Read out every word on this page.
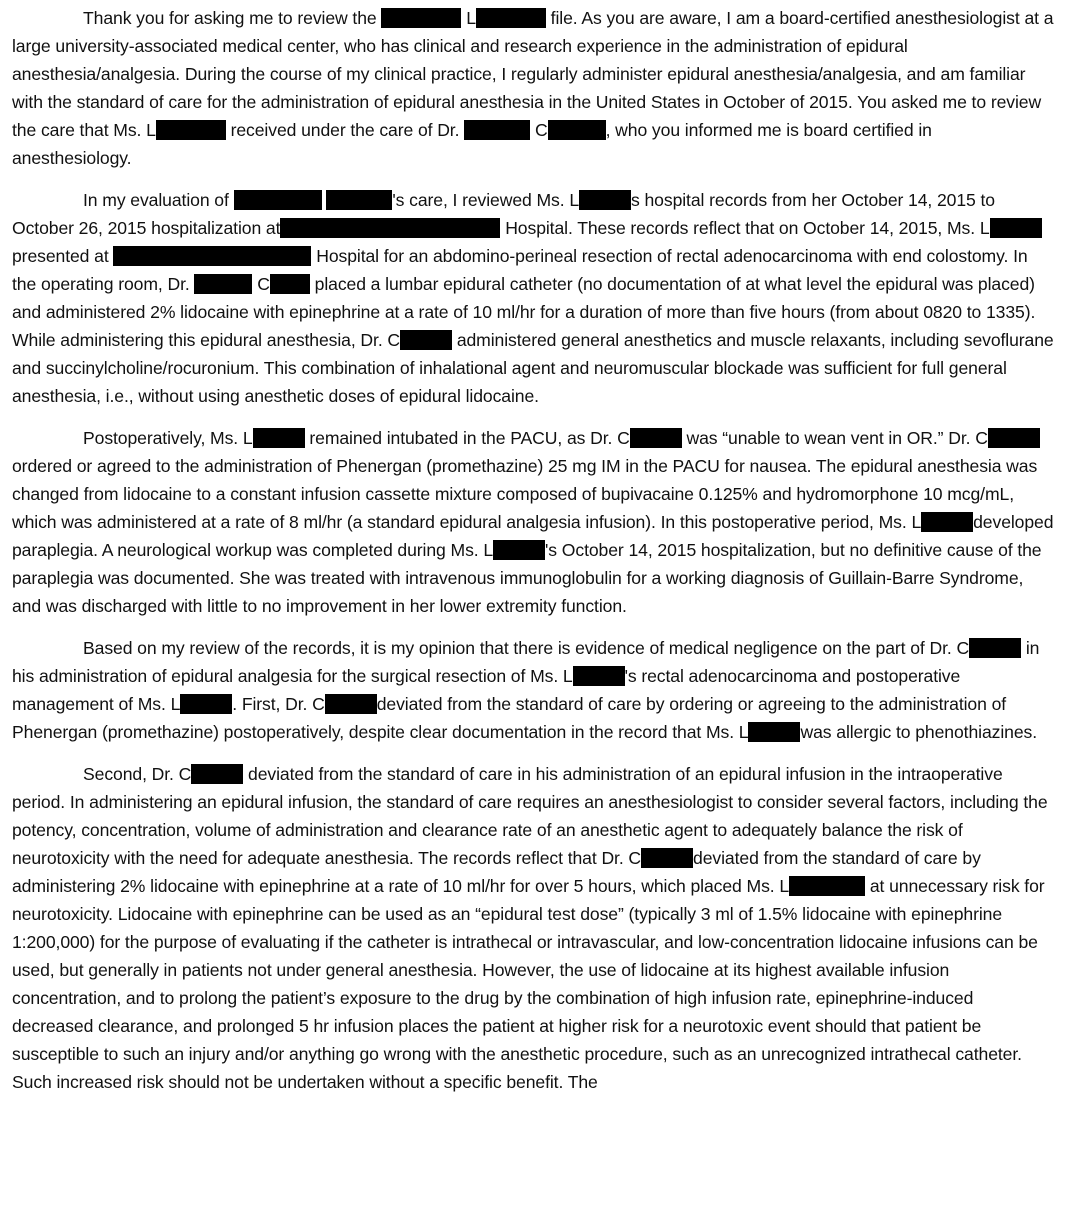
Thank you for asking me to review the	L	file. As you are aware, I am a board-certified anesthesiologist at a large university-associated medical center, who has clinical and research experience in the administration of epidural anesthesia/analgesia. During the course of my clinical practice, I regularly administer epidural anesthesia/analgesia, and am familiar with the standard of care for the administration of epidural anesthesia in the United States in October of 2015. You asked me to review the care that Ms. L	received under the care of Dr.	C	, who you informed me is board certified in anesthesiology.

In my evaluation of	's care, I reviewed Ms. L	s hospital records from her October 14, 2015 to October 26, 2015 hospitalization at	Hospital. These records reflect that on October 14, 2015, Ms. L presented at	Hospital for an abdomino-perineal resection of rectal adenocarcinoma with end colostomy. In the operating room, Dr.	C	placed a lumbar epidural catheter (no documentation of at what level the epidural was placed) and administered 2% lidocaine with epinephrine at a rate of 10 ml/hr for a duration of more than five hours (from about 0820 to 1335). While administering this epidural anesthesia, Dr. C	administered general anesthetics and muscle relaxants, including sevoflurane and succinylcholine/rocuronium. This combination of inhalational agent and neuromuscular blockade was sufficient for full general anesthesia, i.e., without using anesthetic doses of epidural lidocaine.

Postoperatively, Ms. L	remained intubated in the PACU, as Dr. C	was “unable to wean vent in OR.” Dr. C ordered or agreed to the administration of Phenergan (promethazine) 25 mg IM in the PACU for nausea. The epidural anesthesia was changed from lidocaine to a constant infusion cassette mixture composed of bupivacaine 0.125% and hydromorphone 10 mcg/mL, which was administered at a rate of 8 ml/hr (a standard epidural analgesia infusion). In this postoperative period, Ms. L	developed paraplegia. A neurological workup was completed during Ms. L	's October 14, 2015 hospitalization, but no definitive cause of the paraplegia was documented. She was treated with intravenous immunoglobulin for a working diagnosis of Guillain-Barre Syndrome, and was discharged with little to no improvement in her lower extremity function.

Based on my review of the records, it is my opinion that there is evidence of medical negligence on the part of Dr. C	in his administration of epidural analgesia for the surgical resection of Ms. L	's rectal adenocarcinoma and postoperative management of Ms. L	. First, Dr. C	deviated from the standard of care by ordering or agreeing to the administration of Phenergan (promethazine) postoperatively, despite clear documentation in the record that Ms. L	was allergic to phenothiazines.

Second, Dr. C	deviated from the standard of care in his administration of an epidural infusion in the intraoperative period. In administering an epidural infusion, the standard of care requires an anesthesiologist to consider several factors, including the potency, concentration, volume of administration and clearance rate of an anesthetic agent to adequately balance the risk of neurotoxicity with the need for adequate anesthesia. The records reflect that Dr. C	deviated from the standard of care by administering 2% lidocaine with epinephrine at a rate of 10 ml/hr for over 5 hours, which placed Ms. L	at unnecessary risk for neurotoxicity. Lidocaine with epinephrine can be used as an “epidural test dose” (typically 3 ml of 1.5% lidocaine with epinephrine 1:200,000) for the purpose of evaluating if the catheter is intrathecal or intravascular, and low-concentration lidocaine infusions can be used, but generally in patients not under general anesthesia. However, the use of lidocaine at its highest available infusion concentration, and to prolong the patient’s exposure to the drug by the combination of high infusion rate, epinephrine-induced decreased clearance, and prolonged 5 hr infusion places the patient at higher risk for a neurotoxic event should that patient be susceptible to such an injury and/or anything go wrong with the anesthetic procedure, such as an unrecognized intrathecal catheter. Such increased risk should not be undertaken without a specific benefit. The
